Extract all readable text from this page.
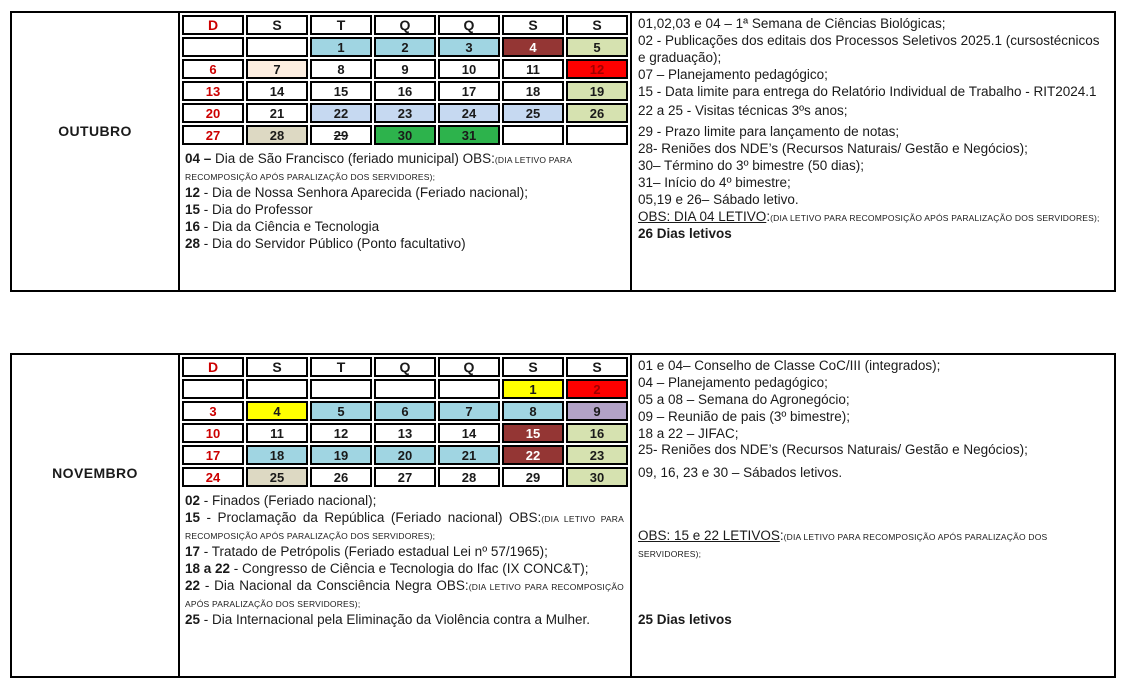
OUTUBRO
D	S	T	Q	Q	S	S
		1	2	3	4	5
6	7	8	9	10	11	12
13	14	15	16	17	18	19
20	21	22	23	24	25	26
27	28	29	30	31		
04 – Dia de São Francisco (feriado municipal) OBS:(DIA LETIVO PARA RECOMPOSIÇÃO APÓS PARALIZAÇÃO DOS SERVIDORES);
12 - Dia de Nossa Senhora Aparecida (Feriado nacional);
15 - Dia do Professor
16 - Dia da Ciência e Tecnologia
28 - Dia do Servidor Público (Ponto facultativo)
01,02,03 e 04 – 1ª Semana de Ciências Biológicas;
02 - Publicações dos editais dos Processos Seletivos 2025.1 (cursostécnicos e graduação);
07 – Planejamento pedagógico;
15 - Data limite para entrega do Relatório Individual de Trabalho - RIT2024.1
22 a 25 - Visitas técnicas 3ºs anos;
29 - Prazo limite para lançamento de notas;
28- Reniões dos NDE’s (Recursos Naturais/ Gestão e Negócios);
30– Término do 3º bimestre (50 dias);
31– Início do 4º bimestre;
05,19 e 26– Sábado letivo.
OBS: DIA 04 LETIVO:(DIA LETIVO PARA RECOMPOSIÇÃO APÓS PARALIZAÇÃO DOS SERVIDORES);
26 Dias letivos
NOVEMBRO
D	S	T	Q	Q	S	S
					1	2
3	4	5	6	7	8	9
10	11	12	13	14	15	16
17	18	19	20	21	22	23
24	25	26	27	28	29	30
02 - Finados (Feriado nacional);
15 - Proclamação da República (Feriado nacional) OBS:(DIA LETIVO PARA RECOMPOSIÇÃO APÓS PARALIZAÇÃO DOS SERVIDORES);
17 - Tratado de Petrópolis (Feriado estadual Lei nº 57/1965);
18 a 22 - Congresso de Ciência e Tecnologia do Ifac (IX CONC&T);
22 - Dia Nacional da Consciência Negra OBS:(DIA LETIVO PARA RECOMPOSIÇÃO APÓS PARALIZAÇÃO DOS SERVIDORES);
25 - Dia Internacional pela Eliminação da Violência contra a Mulher.
01 e 04– Conselho de Classe CoC/III (integrados);
04 – Planejamento pedagógico;
05 a 08 – Semana do Agronegócio;
09 – Reunião de pais (3º bimestre);
18 a 22 – JIFAC;
25- Reniões dos NDE’s (Recursos Naturais/ Gestão e Negócios);
09, 16, 23 e 30 – Sábados letivos.
OBS: 15 e 22 LETIVOS:(DIA LETIVO PARA RECOMPOSIÇÃO APÓS PARALIZAÇÃO DOS SERVIDORES);
25 Dias letivos
